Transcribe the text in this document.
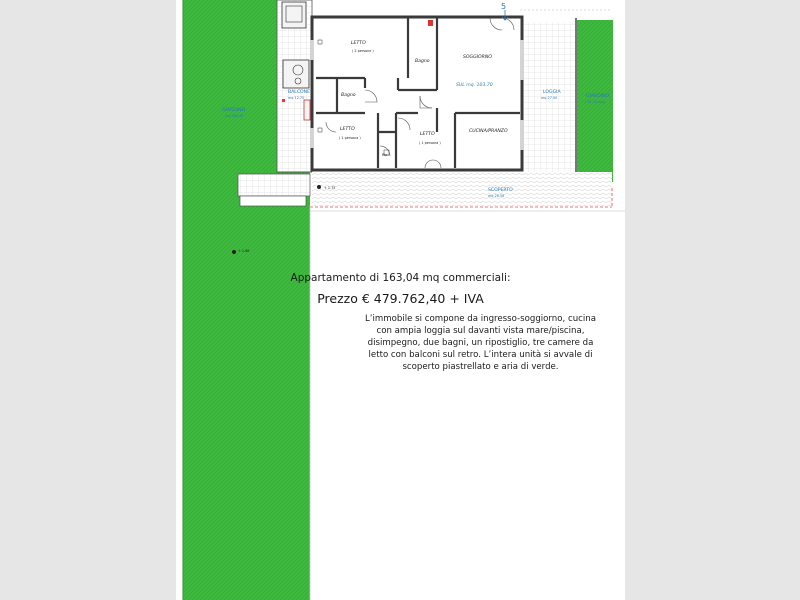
5
LETTO
( 2 persone )
Bagno
SOGGIORNO
SUL mq. 103.70
Bagno
LETTO
( 1 persona )
LETTO
( 1 persona )
CUCINA/PRANZO
Rip.
BALCONE
mq 12.70
LOGGIA
mq 27.00	GIARDINO
( 71.74 mq)
GIARDINO
mq 260.30
SCOPERTO
mq 26.56
+ 1.75
+ 1.66
Appartamento di 163,04 mq commerciali:
Prezzo € 479.762,40 + IVA
L’immobile si compone da ingresso-soggiorno, cucina con ampia loggia sul davanti vista mare/piscina, disimpegno, due bagni, un ripostiglio, tre camere da letto con balconi sul retro. L’intera unità si avvale di scoperto piastrellato e aria di verde.
